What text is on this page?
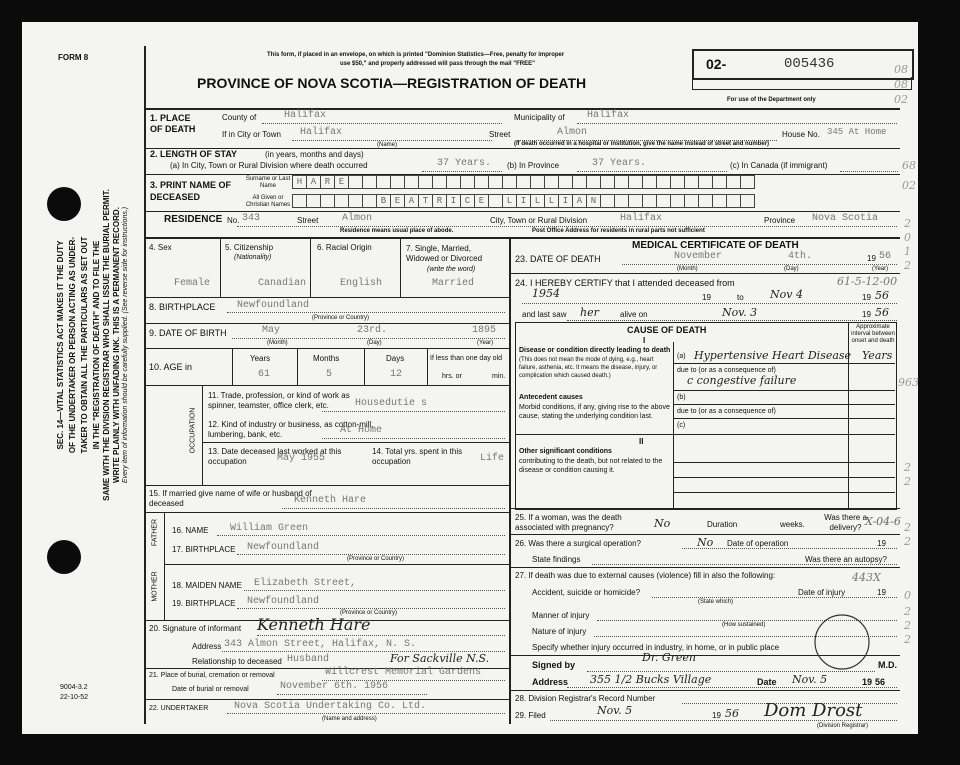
SEC. 14—VITAL STATISTICS ACT MAKES IT THE DUTY OF THE UNDERTAKER OR PERSON ACTING AS UNDER- TAKER TO OBTAIN ALL THE PARTICULARS AS SET OUT IN THE "REGISTRATION OF DEATH" AND TO FILE THE SAME WITH THE DIVISION REGISTRAR WHO SHALL ISSUE THE BURIAL PERMIT. WRITE PLAINLY WITH UNFADING INK. THIS IS A PERMANENT RECORD. Every item of information should be carefully supplied. (See reverse side for instructions.)
FORM 8	This form, if placed in an envelope, on which is printed "Dominion Statistics—Free, penalty for improper
use $50," and properly addressed will pass through the mail "FREE"
PROVINCE OF NOVA SCOTIA—REGISTRATION OF DEATH
02-	005436
For use of the Department only
08 08 02
1. PLACE OF DEATH
County of	Halifax	Municipality of Halifax
If in City or Town Halifax
(Name)
Street	Almon	House No. 345 At Home
(If death occurred in a hospital or institution, give the name instead of street and number)
2. LENGTH OF STAY	(in years, months and days)
(a) In City, Town or Rural Division where death occurred	37 Years. (b) In Province	37 Years.	(c) In Canada (if immigrant)
3. PRINT NAME OF DECEASED
Surname or Last Name	H A R E
All Given or Christian Names	B E A T R I C E	L I L L I A N
RESIDENCE No. 343	Street Almon	City, Town or Rural Division	Halifax	Province Nova Scotia
Residence means usual place of abode.	Post Office Address for residents in rural parts not sufficient
4. Sex	5. Citizenship
(Nationality)
6. Racial Origin	7. Single, Married, Widowed or Divorced
(write the word)
Female	Canadian	English	Married
8. BIRTHPLACE Newfoundland
(Province or Country)
9. DATE OF BIRTH	May	23rd.	1895
(Month)	(Day)	(Year)
10. AGE in
Years	Months	Days	If less than one day old
61	5	12	hrs. or	min.
OCCUPATION
11. Trade, profession, or kind of work as spinner, teamster, office clerk, etc.	Housedutie s
12. Kind of industry or business, as cotton-mill, lumbering, bank, etc.	At Home
13. Date deceased last worked at this occupation	May 1955
14. Total yrs. spent in this occupation	Life
15. If married give name of wife or husband of deceased	Kenneth Hare
FATHER
MOTHER
16. NAME William Green
17. BIRTHPLACE Newfoundland
(Province or Country)
18. MAIDEN NAME Elizabeth Street,
19. BIRTHPLACE Newfoundland
(Province or Country)
20. Signature of informant Kenneth Hare
Address 343 Almon Street, Halifax, N. S.
Relationship to deceased Husband	For Sackville N.S.
21. Place of burial, cremation or removal	Willcrest Memorial Gardens
Date of burial or removal	November 6th. 1956
22. UNDERTAKER	Nova Scotia Undertaking Co. Ltd.
(Name and address)
9004-3.2
22-10-52
MEDICAL CERTIFICATE OF DEATH
23. DATE OF DEATH	November	4th.	19 56
(Month)	(Day)	(Year)
24. I HEREBY CERTIFY that I attended deceased from	61-5-12-00
1954	19	to Nov 4	19 56
and last saw her	alive on	Nov. 3	19 56
CAUSE OF DEATH	Approximate interval between onset and death
I
Disease or condition directly leading to death
(This does not mean the mode of dying, e.g., heart failure, asthenia, etc. It means the disease, injury, or complication which caused death.)
(a) Hypertensive Heart Disease Years
due to (or as a consequence of)
c congestive failure
Antecedent causes
Morbid conditions, if any, giving rise to the above cause, stating the underlying condition last.
(b)
due to (or as a consequence of)
(c)
II
Other significant conditions
contributing to the death, but not related to the disease or condition causing it.
25. If a woman, was the death associated with pregnancy?	No	Duration	weeks.
Was there a delivery? X-04-6
26. Was there a surgical operation?	No Date of operation	19
State findings	Was there an autopsy?
27. If death was due to external causes (violence) fill in also the following:	443X
Accident, suicide or homicide?	Date of injury	19
(State which)
Manner of injury
(How sustained)
Nature of injury
Specify whether injury occurred in industry, in home, or in public place
Signed by
Dr. Green
M.D.
Address 355 1/2 Bucks Village	Date Nov. 5	19 56
28. Division Registrar's Record Number
29. Filed	Nov. 5	19 56 Dom Drost
(Division Registrar)
68
02
2
0
1
2
963
2
2
2
2
0
2
2
2
